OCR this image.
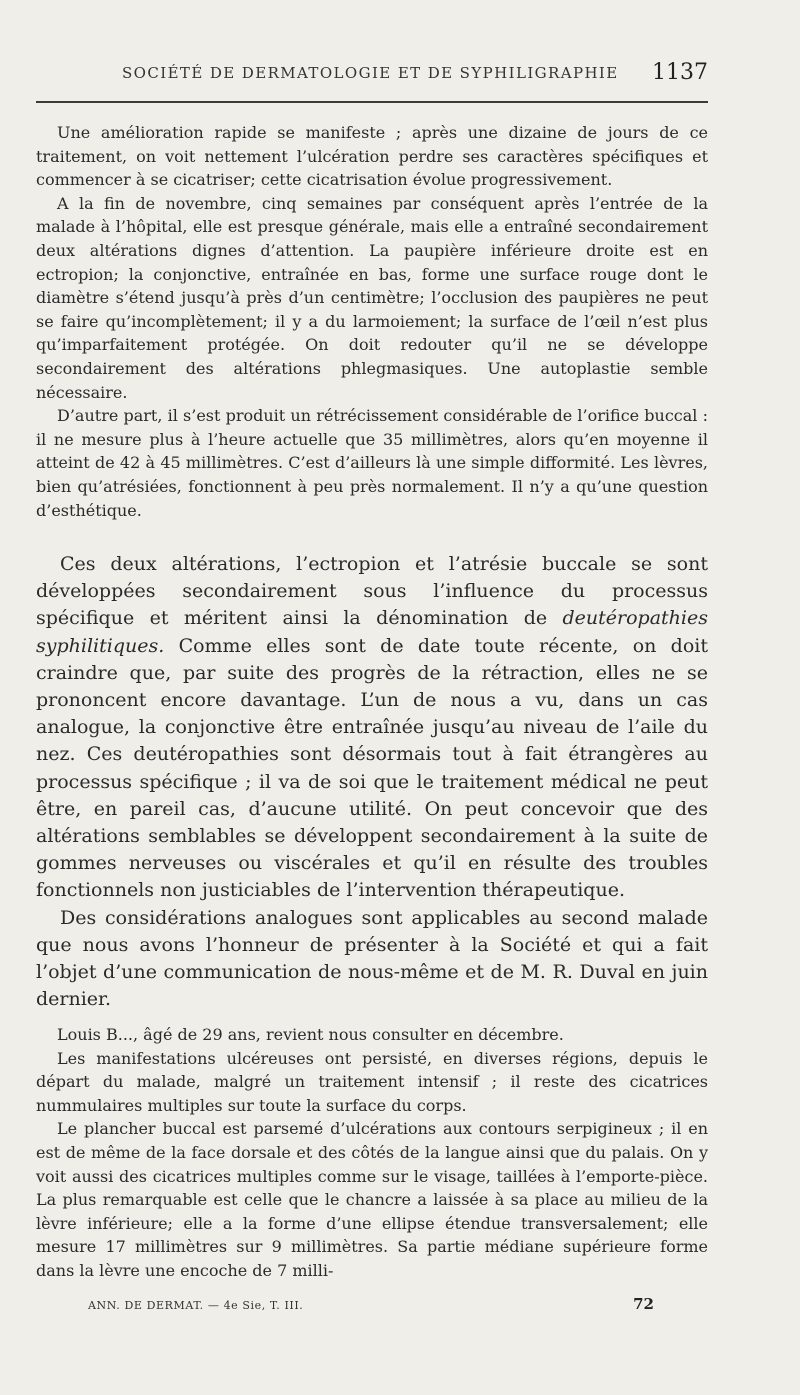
SOCIÉTÉ DE DERMATOLOGIE ET DE SYPHILIGRAPHIE 1137

Une amélioration rapide se manifeste ; après une dizaine de jours de ce traitement, on voit nettement l’ulcération perdre ses caractères spécifiques et commencer à se cicatriser; cette cicatrisation évolue progressivement.

A la fin de novembre, cinq semaines par conséquent après l’entrée de la malade à l’hôpital, elle est presque générale, mais elle a entraîné secondairement deux altérations dignes d’attention. La paupière inférieure droite est en ectropion; la conjonctive, entraînée en bas, forme une surface rouge dont le diamètre s’étend jusqu’à près d’un centimètre; l’occlusion des paupières ne peut se faire qu’incomplètement; il y a du larmoiement; la surface de l’œil n’est plus qu’imparfaitement protégée. On doit redouter qu’il ne se développe secondairement des altérations phlegmasiques. Une autoplastie semble nécessaire.

D’autre part, il s’est produit un rétrécissement considérable de l’orifice buccal : il ne mesure plus à l’heure actuelle que 35 millimètres, alors qu’en moyenne il atteint de 42 à 45 millimètres. C’est d’ailleurs là une simple difformité. Les lèvres, bien qu’atrésiées, fonctionnent à peu près normalement. Il n’y a qu’une question d’esthétique.

Ces deux altérations, l’ectropion et l’atrésie buccale se sont développées secondairement sous l’influence du processus spécifique et méritent ainsi la dénomination de deutéropathies syphilitiques. Comme elles sont de date toute récente, on doit craindre que, par suite des progrès de la rétraction, elles ne se prononcent encore davantage. L’un de nous a vu, dans un cas analogue, la conjonctive être entraînée jusqu’au niveau de l’aile du nez. Ces deutéropathies sont désormais tout à fait étrangères au processus spécifique ; il va de soi que le traitement médical ne peut être, en pareil cas, d’aucune utilité. On peut concevoir que des altérations semblables se développent secondairement à la suite de gommes nerveuses ou viscérales et qu’il en résulte des troubles fonctionnels non justiciables de l’intervention thérapeutique.

Des considérations analogues sont applicables au second malade que nous avons l’honneur de présenter à la Société et qui a fait l’objet d’une communication de nous-même et de M. R. Duval en juin dernier.

Louis B..., âgé de 29 ans, revient nous consulter en décembre.

Les manifestations ulcéreuses ont persisté, en diverses régions, depuis le départ du malade, malgré un traitement intensif ; il reste des cicatrices nummulaires multiples sur toute la surface du corps.

Le plancher buccal est parsemé d’ulcérations aux contours serpigineux ; il en est de même de la face dorsale et des côtés de la langue ainsi que du palais. On y voit aussi des cicatrices multiples comme sur le visage, taillées à l’emporte-pièce. La plus remarquable est celle que le chancre a laissée à sa place au milieu de la lèvre inférieure; elle a la forme d’une ellipse étendue transversalement; elle mesure 17 millimètres sur 9 millimètres. Sa partie médiane supérieure forme dans la lèvre une encoche de 7 milli-

ANN. DE DERMAT. — 4e Sie, T. III.	72
